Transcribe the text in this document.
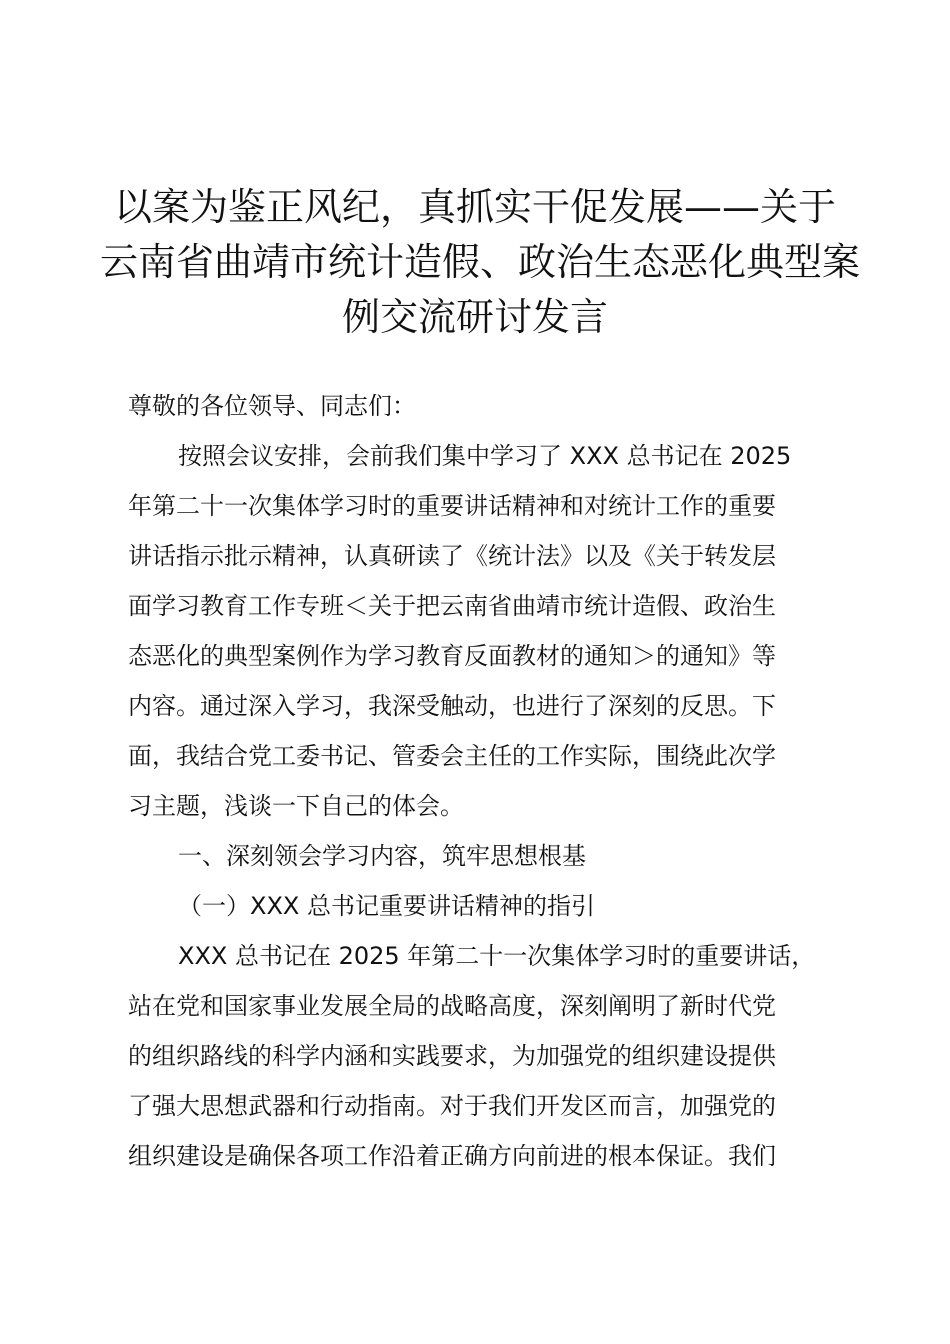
以案为鉴正风纪，真抓实干促发展——关于
云南省曲靖市统计造假、政治生态恶化典型案
例交流研讨发言
尊敬的各位领导、同志们：
按照会议安排，会前我们集中学习了 XXX 总书记在 2025
年第二十一次集体学习时的重要讲话精神和对统计工作的重要
讲话指示批示精神，认真研读了《统计法》以及《关于转发层
面学习教育工作专班＜关于把云南省曲靖市统计造假、政治生
态恶化的典型案例作为学习教育反面教材的通知＞的通知》等
内容。通过深入学习，我深受触动，也进行了深刻的反思。下
面，我结合党工委书记、管委会主任的工作实际，围绕此次学
习主题，浅谈一下自己的体会。
一、深刻领会学习内容，筑牢思想根基
（一）XXX 总书记重要讲话精神的指引
XXX 总书记在 2025 年第二十一次集体学习时的重要讲话，
站在党和国家事业发展全局的战略高度，深刻阐明了新时代党
的组织路线的科学内涵和实践要求，为加强党的组织建设提供
了强大思想武器和行动指南。对于我们开发区而言，加强党的
组织建设是确保各项工作沿着正确方向前进的根本保证。我们
